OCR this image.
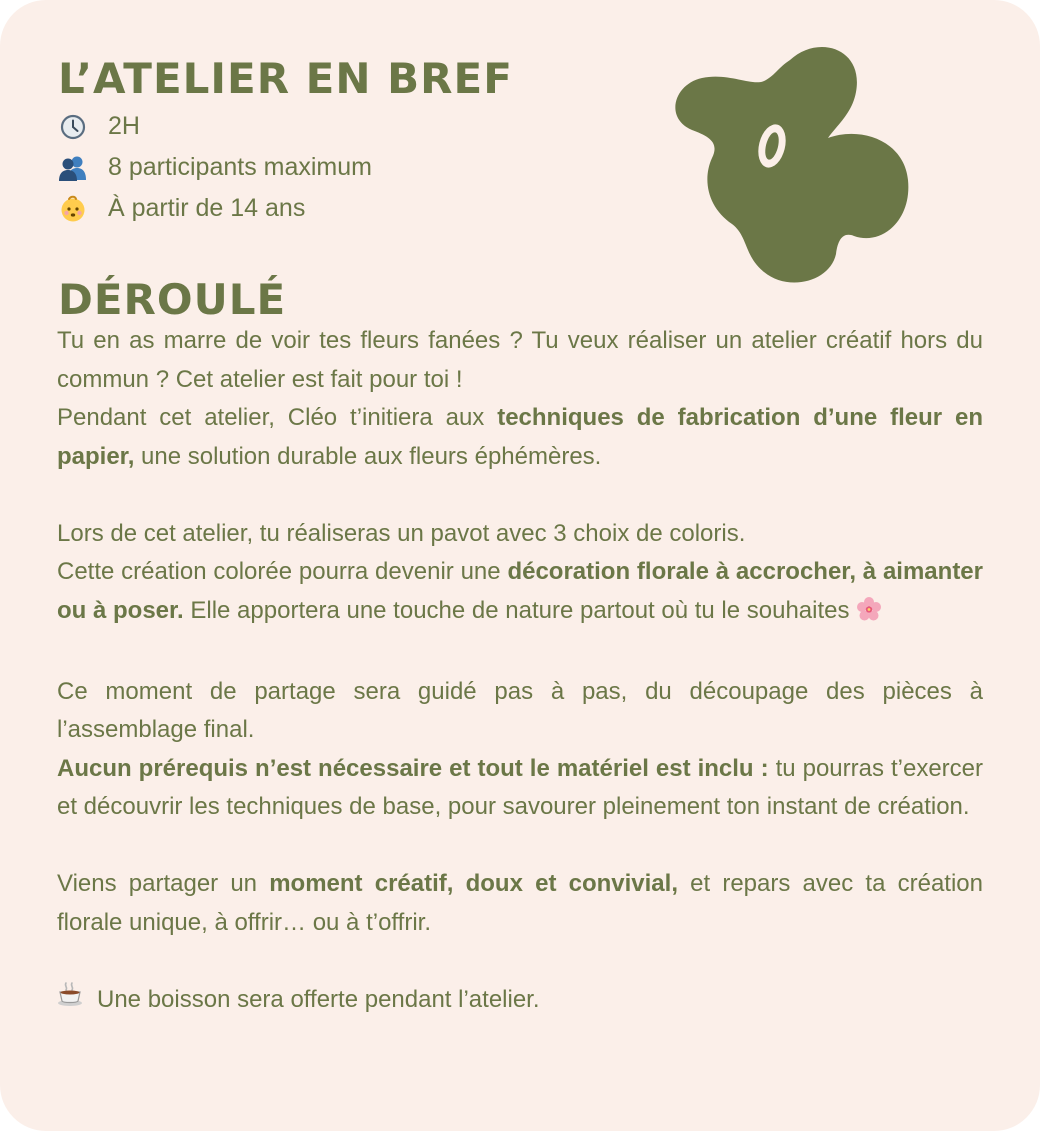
L’ATELIER EN BREF
2H
8 participants maximum
À partir de 14 ans
DÉROULÉ

Tu en as marre de voir tes fleurs fanées ? Tu veux réaliser un atelier créatif hors du commun ? Cet atelier est fait pour toi !

Pendant cet atelier, Cléo t’initiera aux techniques de fabrication d’une fleur en papier, une solution durable aux fleurs éphémères.

Lors de cet atelier, tu réaliseras un pavot avec 3 choix de coloris.

Cette création colorée pourra devenir une décoration florale à accrocher, à aimanter ou à poser. Elle apportera une touche de nature partout où tu le souhaites

Ce moment de partage sera guidé pas à pas, du découpage des pièces à l’assemblage final.

Aucun prérequis n’est nécessaire et tout le matériel est inclu : tu pourras t’exercer et découvrir les techniques de base, pour savourer pleinement ton instant de création.

Viens partager un moment créatif, doux et convivial, et repars avec ta création florale unique, à offrir… ou à t’offrir.

Une boisson sera offerte pendant l’atelier.
